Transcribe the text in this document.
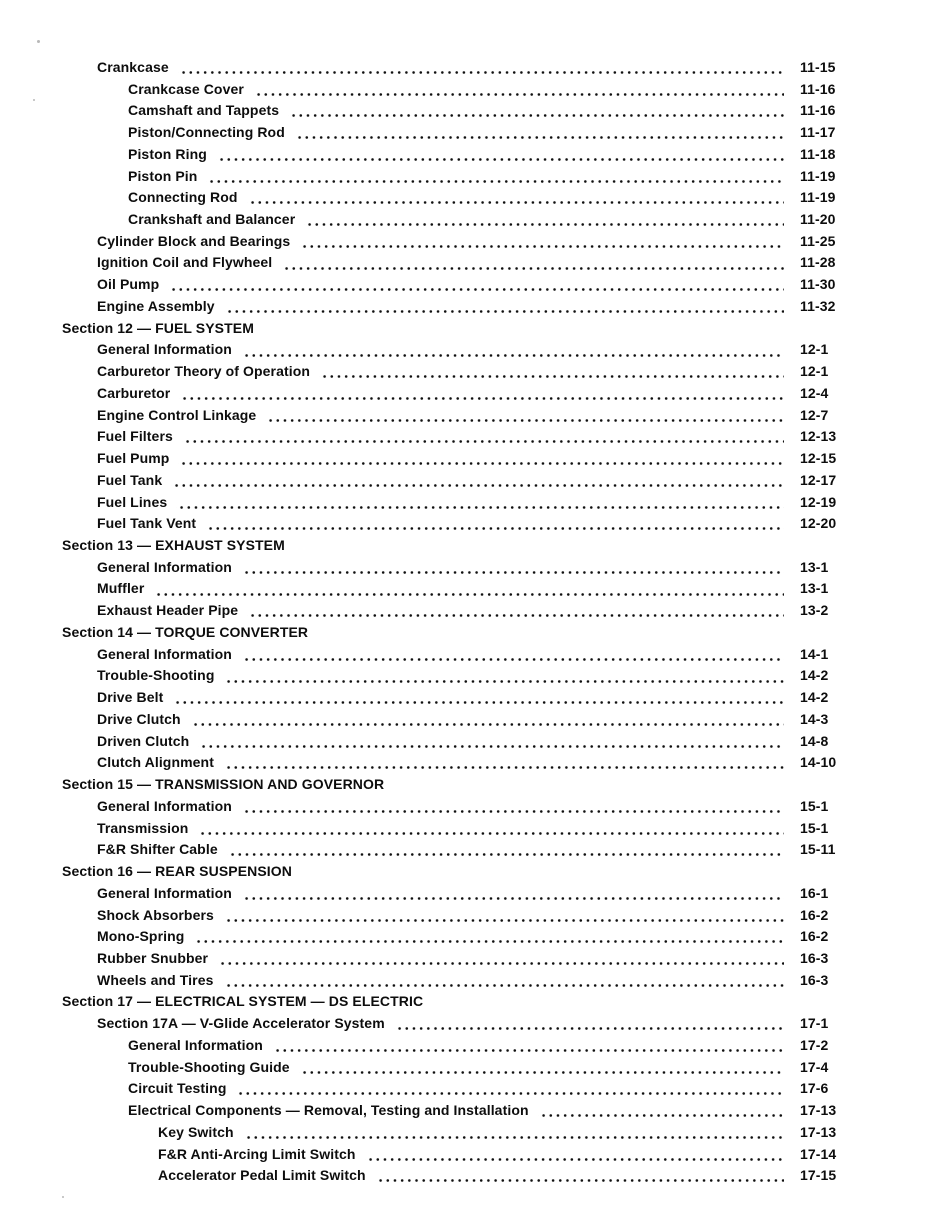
Crankcase	11-15
Crankcase Cover	11-16
Camshaft and Tappets	11-16
Piston/Connecting Rod	11-17
Piston Ring	11-18
Piston Pin	11-19
Connecting Rod	11-19
Crankshaft and Balancer	11-20
Cylinder Block and Bearings	11-25
Ignition Coil and Flywheel	11-28
Oil Pump	11-30
Engine Assembly	11-32
Section 12 — FUEL SYSTEM
General Information	12-1
Carburetor Theory of Operation	12-1
Carburetor	12-4
Engine Control Linkage	12-7
Fuel Filters	12-13
Fuel Pump	12-15
Fuel Tank	12-17
Fuel Lines	12-19
Fuel Tank Vent	12-20
Section 13 — EXHAUST SYSTEM
General Information	13-1
Muffler	13-1
Exhaust Header Pipe	13-2
Section 14 — TORQUE CONVERTER
General Information	14-1
Trouble-Shooting	14-2
Drive Belt	14-2
Drive Clutch	14-3
Driven Clutch	14-8
Clutch Alignment	14-10
Section 15 — TRANSMISSION AND GOVERNOR
General Information	15-1
Transmission	15-1
F&R Shifter Cable	15-11
Section 16 — REAR SUSPENSION
General Information	16-1
Shock Absorbers	16-2
Mono-Spring	16-2
Rubber Snubber	16-3
Wheels and Tires	16-3
Section 17 — ELECTRICAL SYSTEM — DS ELECTRIC
Section 17A — V-Glide Accelerator System	17-1
General Information	17-2
Trouble-Shooting Guide	17-4
Circuit Testing	17-6
Electrical Components — Removal, Testing and Installation	17-13
Key Switch	17-13
F&R Anti-Arcing Limit Switch	17-14
Accelerator Pedal Limit Switch	17-15
